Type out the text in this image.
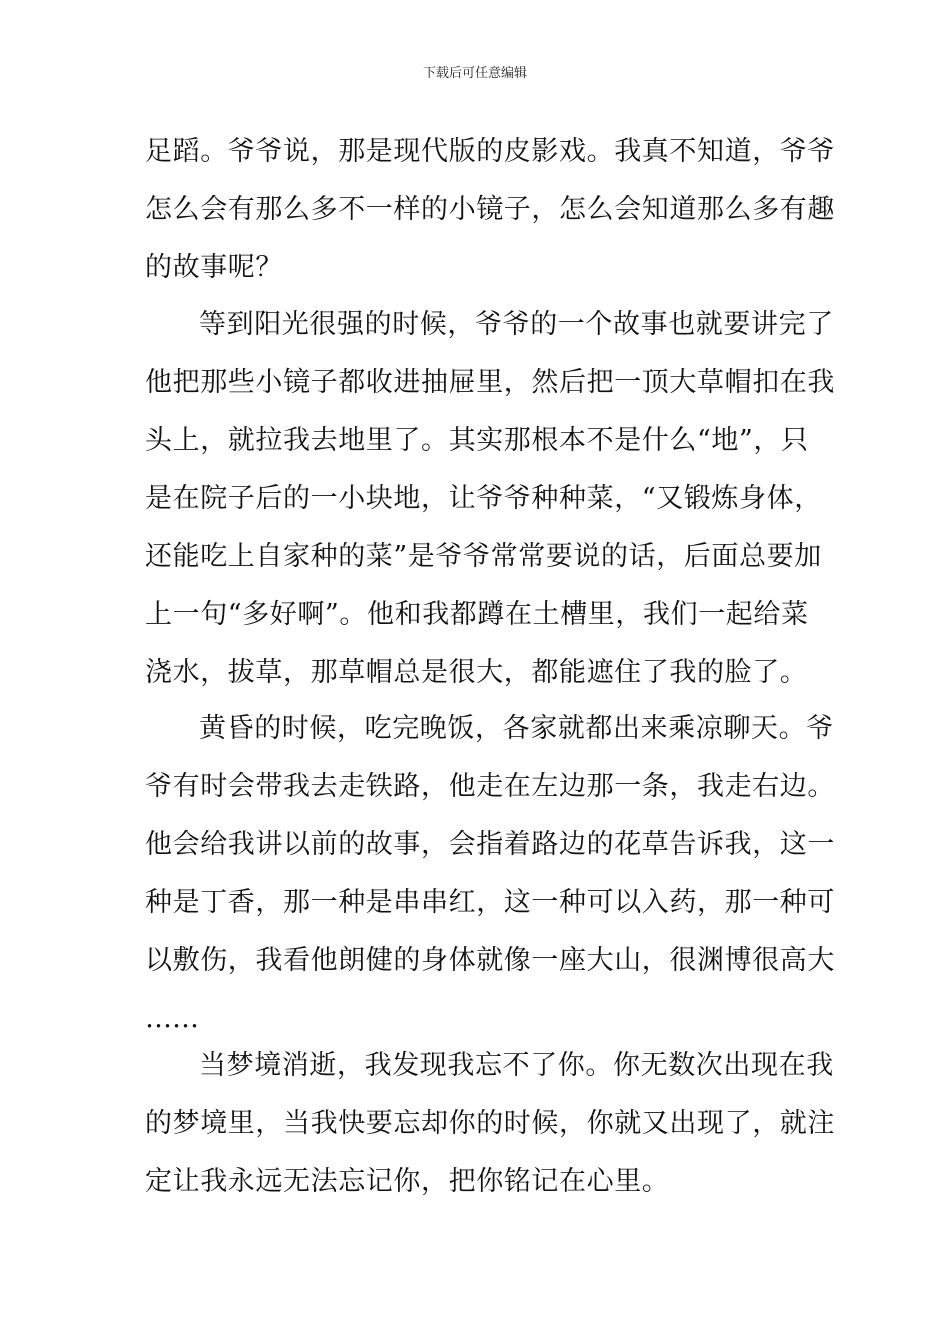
下载后可任意编辑
足蹈。爷爷说，那是现代版的皮影戏。我真不知道，爷爷
怎么会有那么多不一样的小镜子，怎么会知道那么多有趣
的故事呢？
等到阳光很强的时候，爷爷的一个故事也就要讲完了
他把那些小镜子都收进抽屉里，然后把一顶大草帽扣在我
头上，就拉我去地里了。其实那根本不是什么“地”，只
是在院子后的一小块地，让爷爷种种菜，“又锻炼身体，
还能吃上自家种的菜”是爷爷常常要说的话，后面总要加
上一句“多好啊”。他和我都蹲在土槽里，我们一起给菜
浇水，拔草，那草帽总是很大，都能遮住了我的脸了。
黄昏的时候，吃完晚饭，各家就都出来乘凉聊天。爷
爷有时会带我去走铁路，他走在左边那一条，我走右边。
他会给我讲以前的故事，会指着路边的花草告诉我，这一
种是丁香，那一种是串串红，这一种可以入药，那一种可
以敷伤，我看他朗健的身体就像一座大山，很渊博很高大
……
当梦境消逝，我发现我忘不了你。你无数次出现在我
的梦境里，当我快要忘却你的时候，你就又出现了，就注
定让我永远无法忘记你，把你铭记在心里。
